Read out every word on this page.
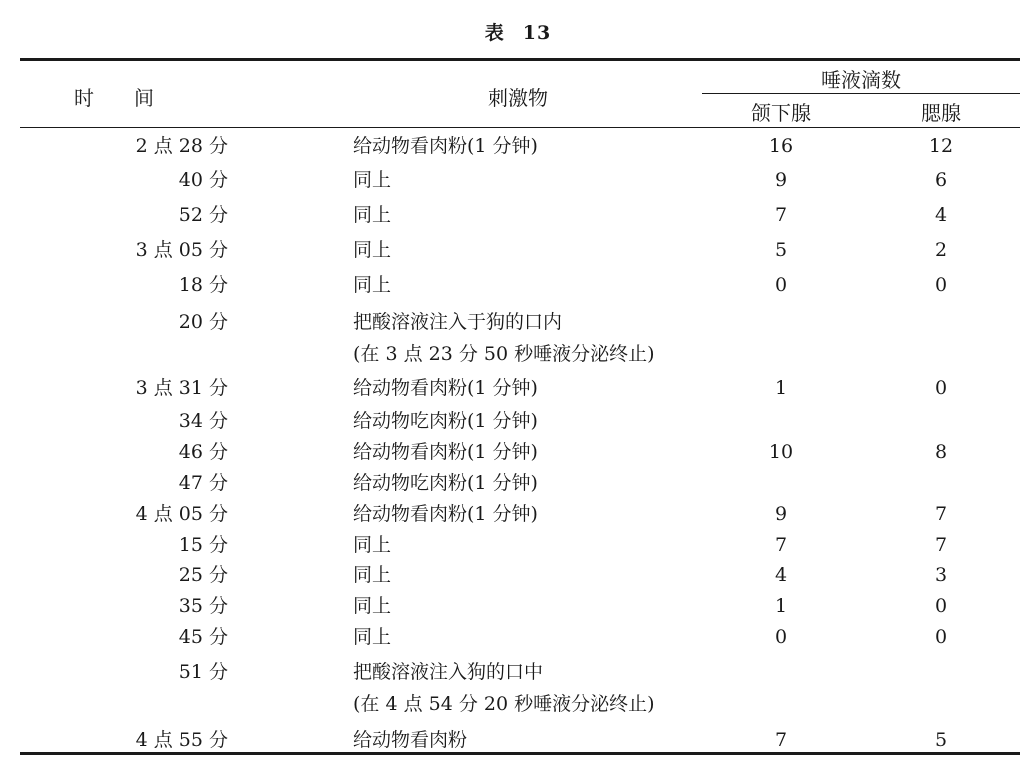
表 13
时　　间	刺激物
唾液滴数
颌下腺	腮腺
2 点 28 分	给动物看肉粉(1 分钟)	16	12
40 分	同上	9	6
52 分	同上	7	4
3 点 05 分	同上	5	2
18 分	同上	0	0
20 分	把酸溶液注入于狗的口内
(在 3 点 23 分 50 秒唾液分泌终止)
3 点 31 分	给动物看肉粉(1 分钟)	1	0
34 分	给动物吃肉粉(1 分钟)
46 分	给动物看肉粉(1 分钟)	10	8
47 分	给动物吃肉粉(1 分钟)
4 点 05 分	给动物看肉粉(1 分钟)	9	7
15 分	同上	7	7
25 分	同上	4	3
35 分	同上	1	0
45 分	同上	0	0
51 分	把酸溶液注入狗的口中
(在 4 点 54 分 20 秒唾液分泌终止)
4 点 55 分	给动物看肉粉	7	5
